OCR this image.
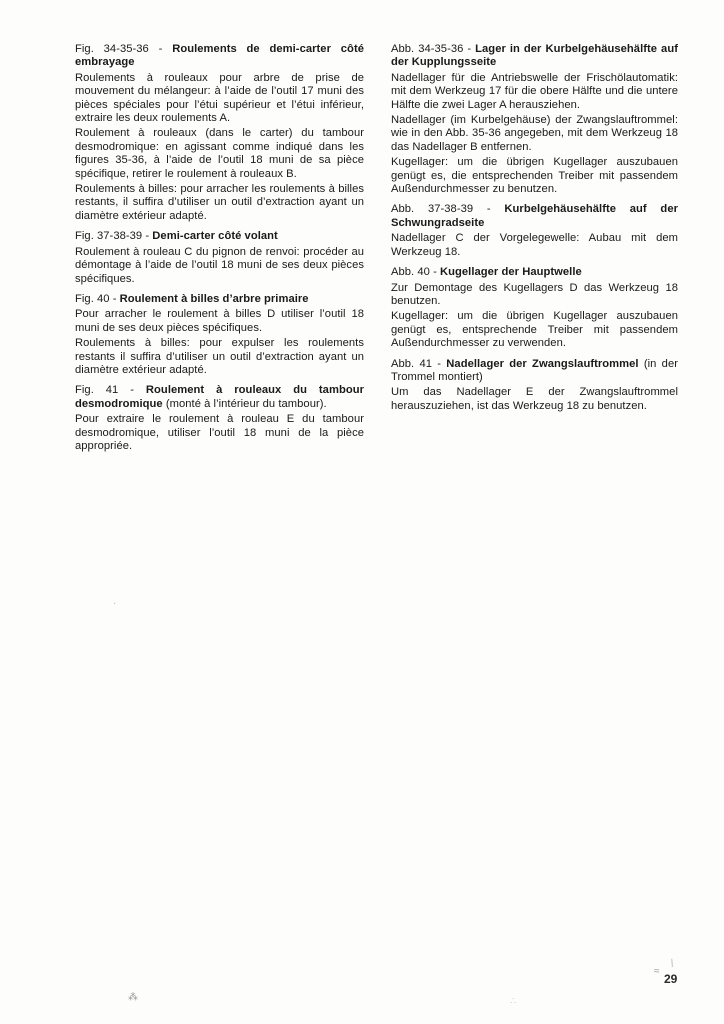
Fig. 34-35-36 - Roulements de demi-carter côté embrayage

Roulements à rouleaux pour arbre de prise de mouvement du mélangeur: à l’aide de l’outil 17 muni des pièces spéciales pour l’étui supérieur et l’étui inférieur, extraire les deux roulements A.

Roulement à rouleaux (dans le carter) du tambour desmodromique: en agissant comme indiqué dans les figures 35-36, à l’aide de l’outil 18 muni de sa pièce spécifique, retirer le roulement à rouleaux B.

Roulements à billes: pour arracher les roulements à billes restants, il suffira d’utiliser un outil d’extraction ayant un diamètre extérieur adapté.

Fig. 37-38-39 - Demi-carter côté volant

Roulement à rouleau C du pignon de renvoi: procéder au démontage à l’aide de l’outil 18 muni de ses deux pièces spécifiques.

Fig. 40 - Roulement à billes d’arbre primaire

Pour arracher le roulement à billes D utiliser l’outil 18 muni de ses deux pièces spécifiques.

Roulements à billes: pour expulser les roulements restants il suffira d’utiliser un outil d’extraction ayant un diamètre extérieur adapté.

Fig. 41 - Roulement à rouleaux du tambour desmodromique (monté à l’intérieur du tambour).

Pour extraire le roulement à rouleau E du tambour desmodromique, utiliser l’outil 18 muni de la pièce appropriée.

Abb. 34-35-36 - Lager in der Kurbelgehäusehälfte auf der Kupplungsseite

Nadellager für die Antriebswelle der Frischölautomatik: mit dem Werkzeug 17 für die obere Hälfte und die untere Hälfte die zwei Lager A herausziehen.

Nadellager (im Kurbelgehäuse) der Zwangslauftrommel: wie in den Abb. 35-36 angegeben, mit dem Werkzeug 18 das Nadellager B entfernen.

Kugellager: um die übrigen Kugellager auszubauen genügt es, die entsprechenden Treiber mit passendem Außendurchmesser zu benutzen.

Abb. 37-38-39 - Kurbelgehäusehälfte auf der Schwungradseite

Nadellager C der Vorgelegewelle: Aubau mit dem Werkzeug 18.

Abb. 40 - Kugellager der Hauptwelle

Zur Demontage des Kugellagers D das Werkzeug 18 benutzen.

Kugellager: um die übrigen Kugellager auszubauen genügt es, entsprechende Treiber mit passendem Außendurchmesser zu verwenden.

Abb. 41 - Nadellager der Zwangslauftrommel (in der Trommel montiert)

Um das Nadellager E der Zwangslauftrommel herauszuziehen, ist das Werkzeug 18 zu benutzen.

⁄
≈
⁂	∴
·
29
